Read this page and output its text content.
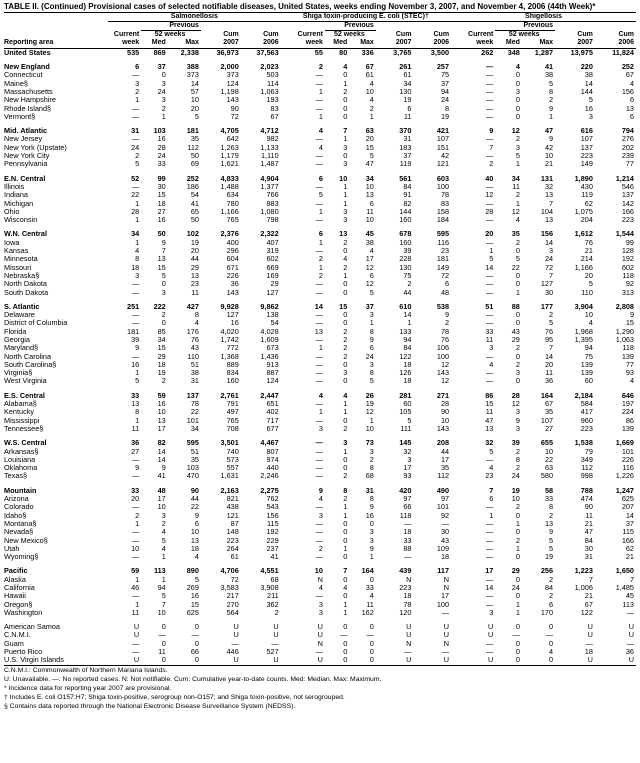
TABLE II. (Continued) Provisional cases of selected notifiable diseases, United States, weeks ending November 3, 2007, and November 4, 2006 (44th Week)*
	Salmonellosis					Shiga toxin-producing E. coli (STEC)†					Shigellosis				
		Previous					Previous					Previous			
	Current	52 weeks		Cum	Cum	Current	52 weeks		Cum	Cum	Current	52 weeks		Cum	Cum
Reporting area	week	Med	Max	2007	2006	week	Med	Max	2007	2006	week	Med	Max	2007	2006
United States	535	869	2,338	36,973	37,563	55	80	336	3,765	3,500	262	348	1,287	13,975	11,824

New England	6	37	388	2,000	2,023	2	4	67	261	257	—	4	41	220	252
Connecticut	—	0	373	373	503	—	0	61	61	75	—	0	38	38	67
Maine§	3	3	14	124	114	—	1	4	34	37	—	0	5	14	4
Massachusetts	2	24	57	1,198	1,063	1	2	10	130	94	—	3	8	144	156
New Hampshire	1	3	10	143	193	—	0	4	19	24	—	0	2	5	6
Rhode Island§	—	2	20	90	83	—	0	2	6	8	—	0	9	16	13
Vermont§	—	1	5	72	67	1	0	1	11	19	—	0	1	3	6

Mid. Atlantic	31	103	181	4,705	4,712	4	7	63	370	421	9	12	47	616	794
New Jersey	—	16	35	642	982	—	1	20	31	107	—	2	9	107	276
New York (Upstate)	24	28	112	1,263	1,133	4	3	15	183	151	7	3	42	137	202
New York City	2	24	50	1,179	1,110	—	0	5	37	42	—	5	10	223	239
Pennsylvania	5	33	69	1,621	1,487	—	3	47	119	121	2	1	21	149	77

E.N. Central	52	99	252	4,833	4,904	6	10	34	561	603	40	34	131	1,890	1,214
Illinois	—	30	186	1,488	1,377	—	1	10	84	100	—	11	32	430	546
Indiana	22	15	54	634	766	5	1	13	91	78	12	2	13	119	137
Michigan	1	18	41	780	883	—	1	6	82	83	—	1	7	62	142
Ohio	28	27	65	1,166	1,080	1	3	11	144	158	28	12	104	1,075	166
Wisconsin	1	16	50	765	798	—	3	10	160	184	—	4	13	204	223

W.N. Central	34	50	102	2,376	2,322	6	13	45	678	595	20	35	156	1,612	1,544
Iowa	1	9	19	400	407	1	2	38	160	116	—	2	14	76	99
Kansas	4	7	20	296	319	—	0	4	39	23	1	0	3	21	128
Minnesota	8	13	44	604	602	2	4	17	228	181	5	5	24	214	192
Missouri	18	15	29	671	669	1	2	12	130	149	14	22	72	1,166	602
Nebraska§	3	5	13	226	169	2	1	6	75	72	—	0	7	20	118
North Dakota	—	0	23	36	29	—	0	12	2	6	—	0	127	5	92
South Dakota	—	3	11	143	127	—	0	5	44	48	—	1	30	110	313

S. Atlantic	251	222	427	9,928	9,862	14	15	37	610	538	51	88	177	3,904	2,808
Delaware	—	2	8	127	138	—	0	3	14	9	—	0	2	10	9
District of Columbia	—	0	4	16	54	—	0	1	1	2	—	0	5	4	15
Florida	181	85	176	4,020	4,028	13	2	8	133	78	33	43	76	1,968	1,290
Georgia	39	34	76	1,742	1,609	—	2	9	94	76	11	29	95	1,395	1,063
Maryland§	9	15	43	772	673	1	2	6	84	106	3	2	7	94	118
North Carolina	—	29	110	1,368	1,436	—	2	24	122	100	—	0	14	75	139
South Carolina§	16	18	51	889	913	—	0	3	18	12	4	2	20	139	77
Virginia§	1	19	38	834	887	—	3	8	126	143	—	3	11	139	93
West Virginia	5	2	31	160	124	—	0	5	18	12	—	0	36	60	4

E.S. Central	33	59	137	2,761	2,447	4	4	26	281	271	86	28	164	2,184	646
Alabama§	13	16	78	791	651	—	1	19	60	28	15	12	67	584	197
Kentucky	8	10	22	497	402	1	1	12	105	90	11	3	35	417	224
Mississippi	1	13	101	765	717	—	0	1	5	10	47	9	107	960	86
Tennessee§	11	17	34	708	677	3	2	10	111	143	13	3	27	223	139

W.S. Central	36	82	595	3,501	4,467	—	3	73	145	208	32	39	655	1,538	1,669
Arkansas§	27	14	51	740	807	—	1	3	32	44	5	2	10	79	101
Louisiana	—	14	35	573	974	—	0	2	3	17	—	8	22	349	226
Oklahoma	9	9	103	557	440	—	0	8	17	35	4	2	63	112	116
Texas§	—	41	470	1,631	2,246	—	2	68	93	112	23	24	580	998	1,226

Mountain	33	48	90	2,163	2,275	9	8	31	420	490	7	19	58	788	1,247
Arizona	20	17	44	821	762	4	2	8	97	97	6	10	33	474	625
Colorado	—	10	22	438	543	—	1	9	66	101	—	2	8	90	207
Idaho§	2	3	9	121	156	3	1	16	118	92	1	0	2	11	14
Montana§	1	2	6	87	115	—	0	0	—	—	—	1	13	21	37
Nevada§	—	4	10	148	192	—	0	3	18	30	—	0	9	47	115
New Mexico§	—	5	13	223	229	—	0	3	33	43	—	2	5	84	166
Utah	10	4	18	264	237	2	1	9	88	109	—	1	5	30	62
Wyoming§	—	1	4	61	41	—	0	1	—	18	—	0	19	31	21

Pacific	59	113	890	4,706	4,551	10	7	164	439	117	17	29	256	1,223	1,650
Alaska	1	1	5	72	68	N	0	0	N	N	—	0	2	7	7
California	46	94	269	3,583	3,908	4	4	33	223	N	14	24	84	1,006	1,485
Hawaii	—	5	16	217	211	—	0	4	18	17	—	0	2	21	45
Oregon§	1	7	15	270	362	3	1	11	78	100	—	1	6	67	113
Washington	11	10	625	564	2	3	1	162	120	—	3	1	170	122	—

American Samoa	U	0	0	U	U	U	0	0	U	U	U	0	0	U	U
C.N.M.I.	U	—	—	U	U	U	—	—	U	U	U	—	—	U	U
Guam	—	0	0	—	—	N	0	0	N	N	—	0	0	—	—
Puerto Rico	—	11	66	446	527	—	0	0	—	—	—	0	4	18	36
U.S. Virgin Islands	U	0	0	U	U	U	0	0	U	U	U	0	0	U	U
C.N.M.I.: Commonwealth of Northern Mariana Islands.
U: Unavailable. —: No reported cases. N: Not notifiable. Cum: Cumulative year-to-date counts. Med: Median. Max: Maximum.
* Incidence data for reporting year 2007 are provisional.
† Includes E. coli O157:H7; Shiga toxin-positive, serogroup non-O157; and Shiga toxin-positive, not serogrouped.
§ Contains data reported through the National Electronic Disease Surveillance System (NEDSS).
